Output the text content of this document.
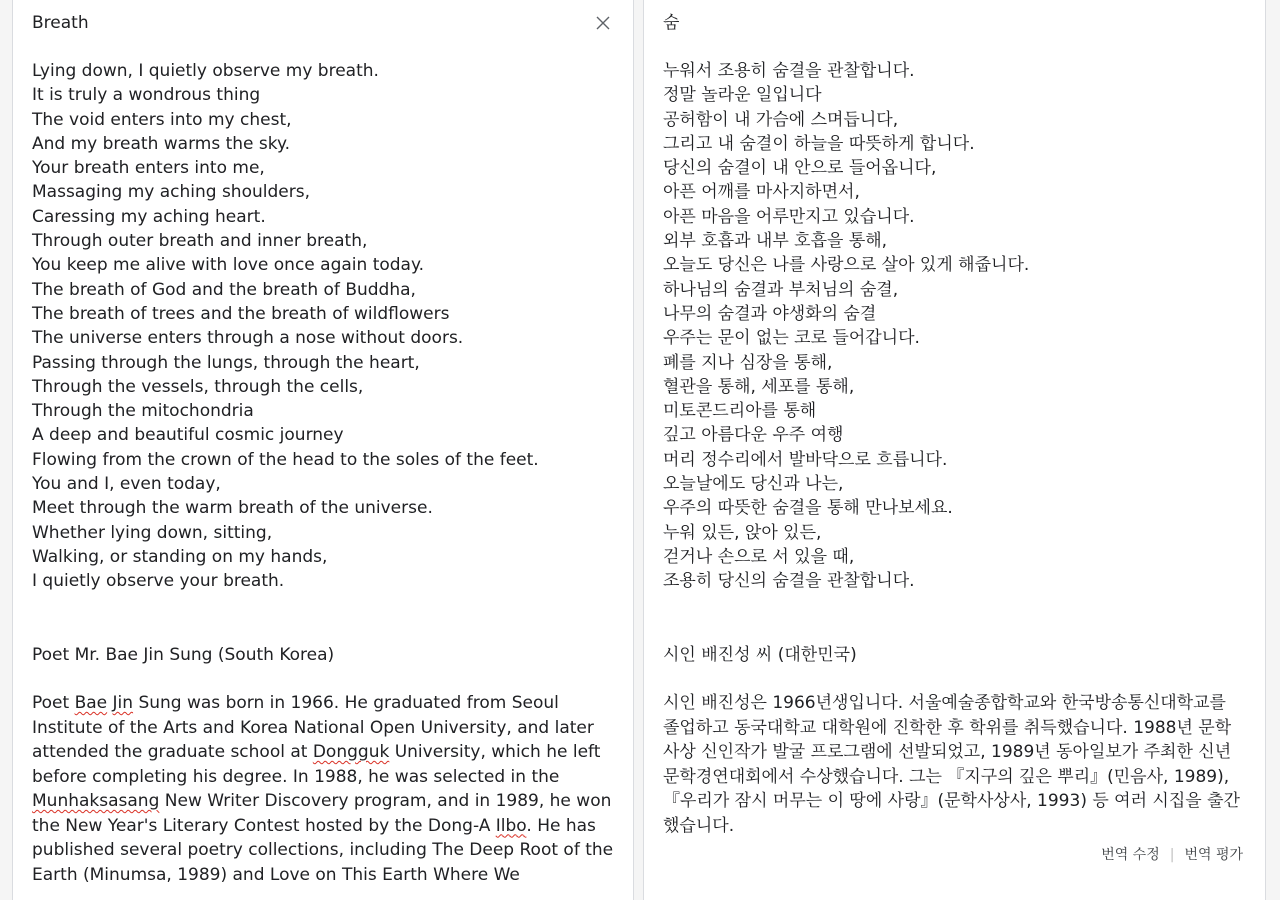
Breath
Lying down, I quietly observe my breath.
It is truly a wondrous thing
The void enters into my chest,
And my breath warms the sky.
Your breath enters into me,
Massaging my aching shoulders,
Caressing my aching heart.
Through outer breath and inner breath,
You keep me alive with love once again today.
The breath of God and the breath of Buddha,
The breath of trees and the breath of wildflowers
The universe enters through a nose without doors.
Passing through the lungs, through the heart,
Through the vessels, through the cells,
Through the mitochondria
A deep and beautiful cosmic journey
Flowing from the crown of the head to the soles of the feet.
You and I, even today,
Meet through the warm breath of the universe.
Whether lying down, sitting,
Walking, or standing on my hands,
I quietly observe your breath.
Poet Mr. Bae Jin Sung (South Korea)
Poet Bae Jin Sung was born in 1966. He graduated from Seoul Institute of the Arts and Korea National Open University, and later attended the graduate school at Dongguk University, which he left before completing his degree. In 1988, he was selected in the Munhaksasang New Writer Discovery program, and in 1989, he won the New Year's Literary Contest hosted by the Dong-A Ilbo. He has published several poetry collections, including The Deep Root of the Earth (Minumsa, 1989) and Love on This Earth Where We
숨
누워서 조용히 숨결을 관찰합니다.
정말 놀라운 일입니다
공허함이 내 가슴에 스며듭니다,
그리고 내 숨결이 하늘을 따뜻하게 합니다.
당신의 숨결이 내 안으로 들어옵니다,
아픈 어깨를 마사지하면서,
아픈 마음을 어루만지고 있습니다.
외부 호흡과 내부 호흡을 통해,
오늘도 당신은 나를 사랑으로 살아 있게 해줍니다.
하나님의 숨결과 부처님의 숨결,
나무의 숨결과 야생화의 숨결
우주는 문이 없는 코로 들어갑니다.
폐를 지나 심장을 통해,
혈관을 통해, 세포를 통해,
미토콘드리아를 통해
깊고 아름다운 우주 여행
머리 정수리에서 발바닥으로 흐릅니다.
오늘날에도 당신과 나는,
우주의 따뜻한 숨결을 통해 만나보세요.
누워 있든, 앉아 있든,
걷거나 손으로 서 있을 때,
조용히 당신의 숨결을 관찰합니다.
시인 배진성 씨 (대한민국)
시인 배진성은 1966년생입니다. 서울예술종합학교와 한국방송통신대학교를 졸업하고 동국대학교 대학원에 진학한 후 학위를 취득했습니다. 1988년 문학사상 신인작가 발굴 프로그램에 선발되었고, 1989년 동아일보가 주최한 신년 문학경연대회에서 수상했습니다. 그는 『지구의 깊은 뿌리』(민음사, 1989), 『우리가 잠시 머무는 이 땅에 사랑』(문학사상사, 1993) 등 여러 시집을 출간했습니다.
번역 수정 | 번역 평가
